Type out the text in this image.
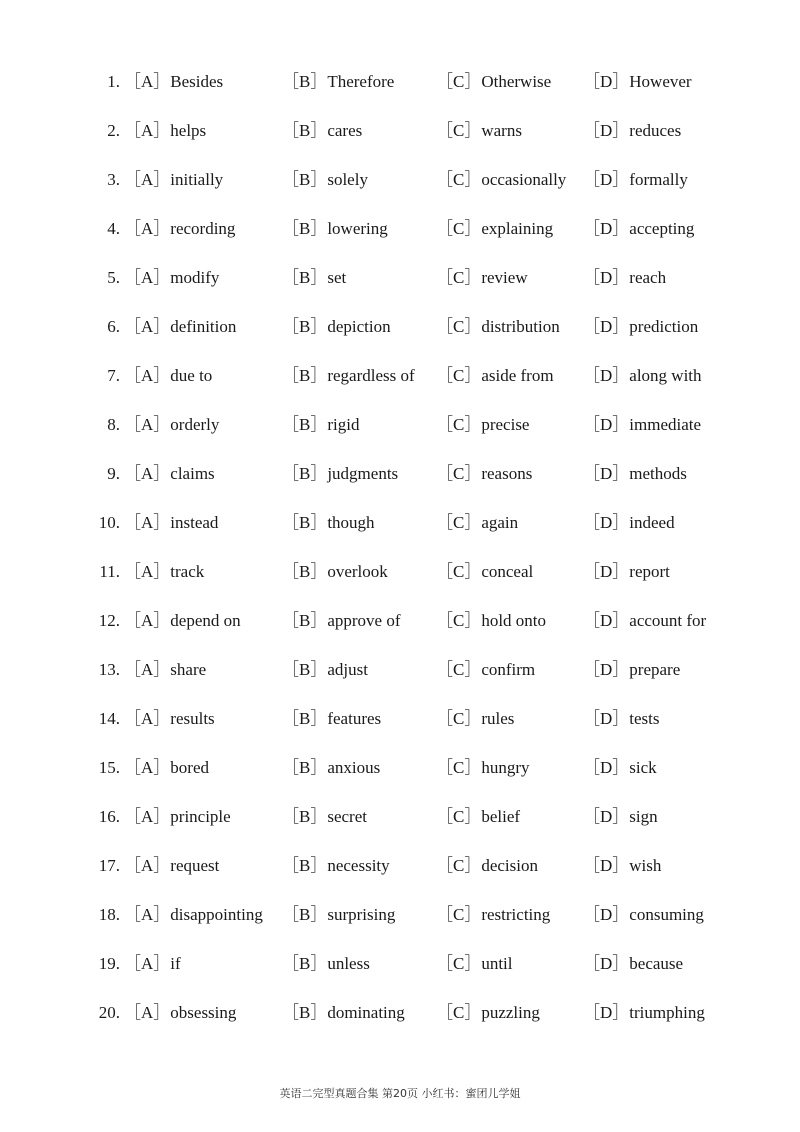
1. ［A］Besides	［B］Therefore ［C］Otherwise ［D］However
2. ［A］helps	［B］cares	［C］warns	［D］reduces
3. ［A］initially	［B］solely	［C］occasionally ［D］formally
4. ［A］recording	［B］lowering	［C］explaining ［D］accepting
5. ［A］modify	［B］set	［C］review	［D］reach
6. ［A］definition	［B］depiction	［C］distribution ［D］prediction
7. ［A］due to	［B］regardless of ［C］aside from ［D］along with
8. ［A］orderly	［B］rigid	［C］precise	［D］immediate
9. ［A］claims	［B］judgments ［C］reasons	［D］methods
10. ［A］instead	［B］though	［C］again	［D］indeed
11. ［A］track	［B］overlook	［C］conceal	［D］report
12. ［A］depend on ［B］approve of ［C］hold onto ［D］account for
13. ［A］share	［B］adjust	［C］confirm	［D］prepare
14. ［A］results	［B］features	［C］rules	［D］tests
15. ［A］bored	［B］anxious	［C］hungry	［D］sick
16. ［A］principle	［B］secret	［C］belief	［D］sign
17. ［A］request	［B］necessity	［C］decision	［D］wish
18. ［A］disappointing ［B］surprising ［C］restricting ［D］consuming
19. ［A］if	［B］unless	［C］until	［D］because
20. ［A］obsessing	［B］dominating ［C］puzzling	［D］triumphing
英语二完型真题合集 第20页 小红书：蜜团儿学姐
